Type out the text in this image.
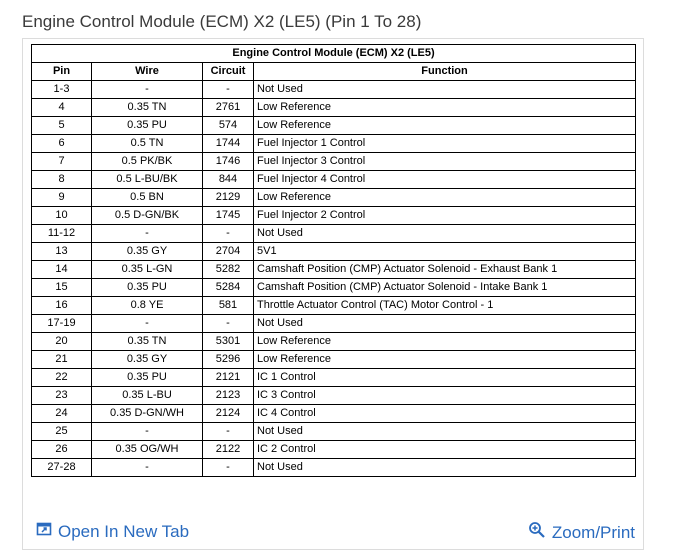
Engine Control Module (ECM) X2 (LE5) (Pin 1 To 28)
Engine Control Module (ECM) X2 (LE5)			
Pin	Wire	Circuit	Function
1-3	-	-	Not Used
4	0.35 TN	2761	Low Reference
5	0.35 PU	574	Low Reference
6	0.5 TN	1744	Fuel Injector 1 Control
7	0.5 PK/BK	1746	Fuel Injector 3 Control
8	0.5 L-BU/BK	844	Fuel Injector 4 Control
9	0.5 BN	2129	Low Reference
10	0.5 D-GN/BK	1745	Fuel Injector 2 Control
11-12	-	-	Not Used
13	0.35 GY	2704	5V1
14	0.35 L-GN	5282	Camshaft Position (CMP) Actuator Solenoid - Exhaust Bank 1
15	0.35 PU	5284	Camshaft Position (CMP) Actuator Solenoid - Intake Bank 1
16	0.8 YE	581	Throttle Actuator Control (TAC) Motor Control - 1
17-19	-	-	Not Used
20	0.35 TN	5301	Low Reference
21	0.35 GY	5296	Low Reference
22	0.35 PU	2121	IC 1 Control
23	0.35 L-BU	2123	IC 3 Control
24	0.35 D-GN/WH	2124	IC 4 Control
25	-	-	Not Used
26	0.35 OG/WH	2122	IC 2 Control
27-28	-	-	Not Used
Open In New Tab	Zoom/Print
